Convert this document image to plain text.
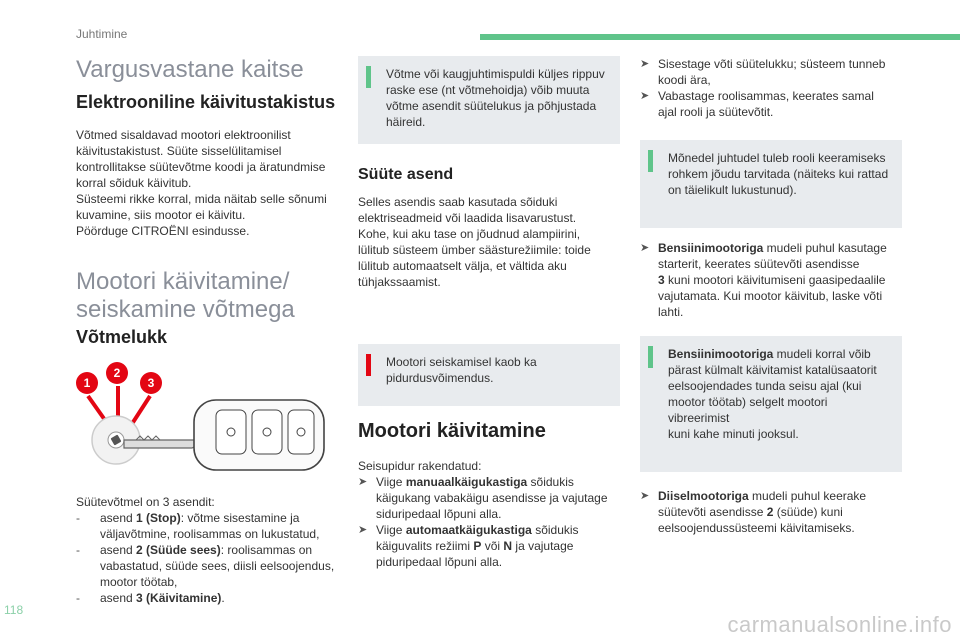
Juhtimine
Vargusvastane kaitse
Elektrooniline käivitustakistus
Võtmed sisaldavad mootori elektroonilist
käivitustakistust. Süüte sisselülitamisel
kontrollitakse süütevõtme koodi ja äratundmise
korral sõiduk käivitub.
Süsteemi rikke korral, mida näitab selle sõnumi
kuvamine, siis mootor ei käivitu.
Pöörduge CITROËNI esindusse.
Mootori käivitamine/
seiskamine võtmega
Võtmelukk
1
2
3
Süütevõtmel on 3 asendit:
- asend 1 (Stop): võtme sisestamine ja
väljavõtmine, roolisammas on lukustatud,
- asend 2 (Süüde sees): roolisammas on
vabastatud, süüde sees, diisli eelsoojendus,
mootor töötab,
- asend 3 (Käivitamine).
Võtme või kaugjuhtimispuldi küljes rippuv
raske ese (nt võtmehoidja) võib muuta
võtme asendit süütelukus ja põhjustada
häireid.
Süüte asend
Selles asendis saab kasutada sõiduki
elektriseadmeid või laadida lisavarustust.
Kohe, kui aku tase on jõudnud alampiirini,
lülitub süsteem ümber säästurežiimile: toide
lülitub automaatselt välja, et vältida aku
tühjakssaamist.
Mootori seiskamisel kaob ka
pidurdusvõimendus.
Mootori käivitamine
Seisupidur rakendatud:
➤ Viige manuaalkäigukastiga sõidukis
käigukang vabakäigu asendisse ja vajutage
siduripedaal lõpuni alla.
➤ Viige automaatkäigukastiga sõidukis
käiguvalits režiimi P või N ja vajutage
piduripedaal lõpuni alla.
➤ Sisestage võti süütelukku; süsteem tunneb
koodi ära,
➤ Vabastage roolisammas, keerates samal
ajal rooli ja süütevõtit.
Mõnedel juhtudel tuleb rooli keeramiseks
rohkem jõudu tarvitada (näiteks kui rattad
on täielikult lukustunud).
➤ Bensiinimootoriga mudeli puhul kasutage
starterit, keerates süütevõti asendisse
3 kuni mootori käivitumiseni gaasipedaalile
vajutamata. Kui mootor käivitub, laske võti
lahti.
Bensiinimootoriga mudeli korral võib
pärast külmalt käivitamist katalüsaatorit
eelsoojendades tunda seisu ajal (kui
mootor töötab) selgelt mootori vibreerimist
kuni kahe minuti jooksul.
➤ Diiselmootoriga mudeli puhul keerake
süütevõti asendisse 2 (süüde) kuni
eelsoojendussüsteemi käivitamiseks.
118
carmanualsonline.info
